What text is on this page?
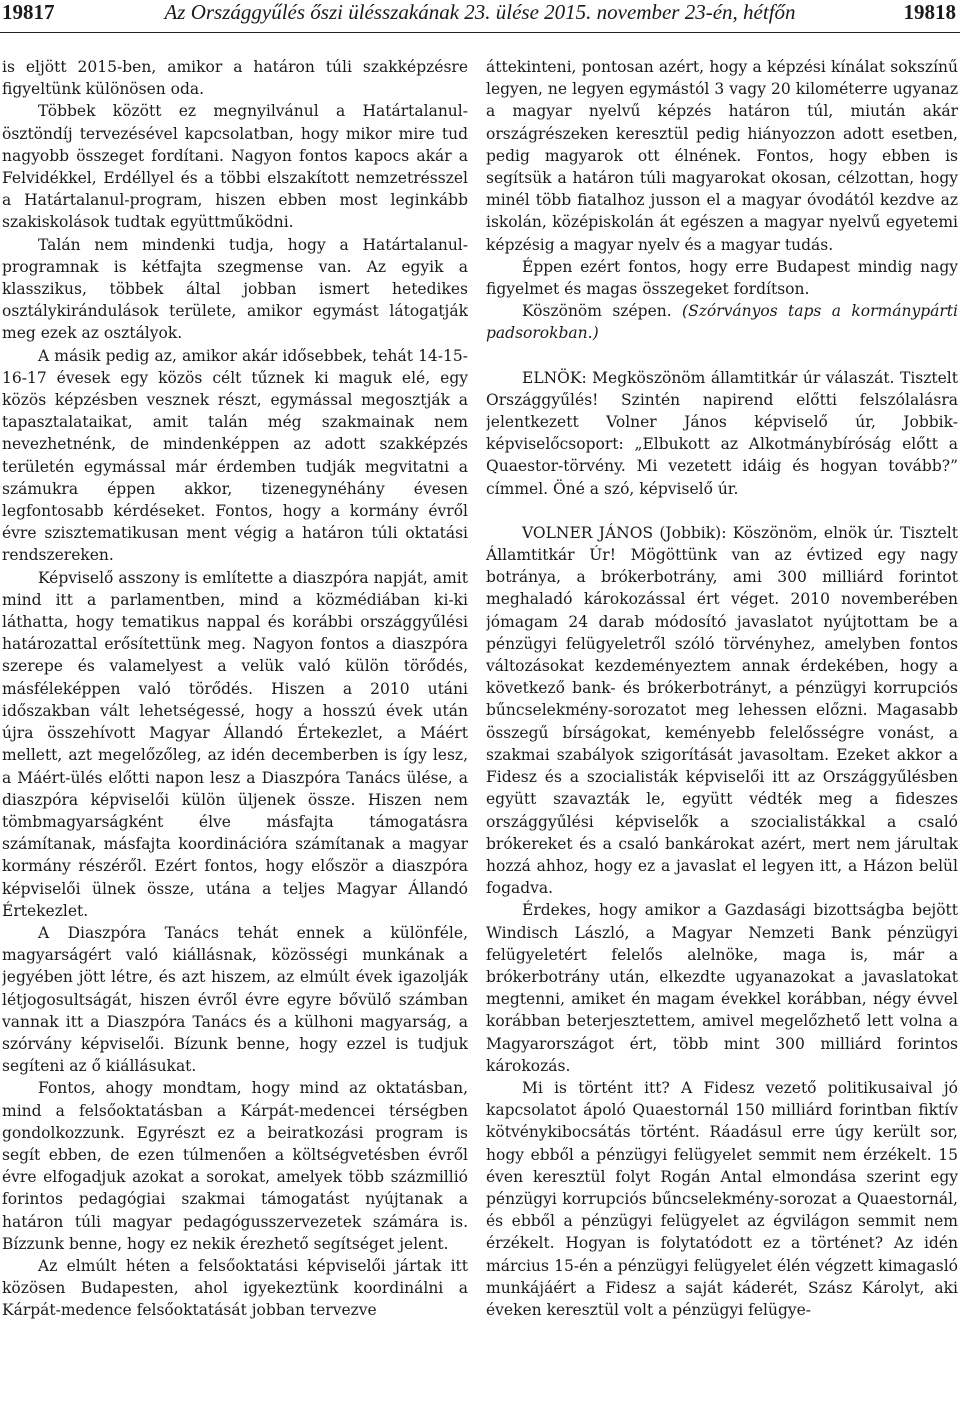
19817	Az Országgyűlés őszi ülésszakának 23. ülése 2015. november 23-én, hétfőn	19818

is eljött 2015-ben, amikor a határon túli szakképzésre figyeltünk különösen oda.

Többek között ez megnyilvánul a Határtalanul-ösztöndíj tervezésével kapcsolatban, hogy mikor mire tud nagyobb összeget fordítani. Nagyon fontos kapocs akár a Felvidékkel, Erdéllyel és a többi elszakított nemzetrésszel a Határtalanul-program, hiszen ebben most leginkább szakiskolások tudtak együttműködni.

Talán nem mindenki tudja, hogy a Határtalanul-programnak is kétfajta szegmense van. Az egyik a klasszikus, többek által jobban ismert hetedikes osztálykirándulások területe, amikor egymást látogatják meg ezek az osztályok.

A másik pedig az, amikor akár idősebbek, tehát 14-15-16-17 évesek egy közös célt tűznek ki maguk elé, egy közös képzésben vesznek részt, egymással megosztják a tapasztalataikat, amit talán még szakmainak nem nevezhetnénk, de mindenképpen az adott szakképzés területén egymással már érdemben tudják megvitatni a számukra éppen akkor, tizenegynéhány évesen legfontosabb kérdéseket. Fontos, hogy a kormány évről évre szisztematikusan ment végig a határon túli oktatási rendszereken.

Képviselő asszony is említette a diaszpóra napját, amit mind itt a parlamentben, mind a közmédiában ki-ki láthatta, hogy tematikus nappal és korábbi országgyűlési határozattal erősítettünk meg. Nagyon fontos a diaszpóra szerepe és valamelyest a velük való külön törődés, másféleképpen való törődés. Hiszen a 2010 utáni időszakban vált lehetségessé, hogy a hosszú évek után újra összehívott Magyar Állandó Értekezlet, a Máért mellett, azt megelőzőleg, az idén decemberben is így lesz, a Máért-ülés előtti napon lesz a Diaszpóra Tanács ülése, a diaszpóra képviselői külön üljenek össze. Hiszen nem tömbmagyarságként élve másfajta támogatásra számítanak, másfajta koordinációra számítanak a magyar kormány részéről. Ezért fontos, hogy először a diaszpóra képviselői ülnek össze, utána a teljes Magyar Állandó Értekezlet.

A Diaszpóra Tanács tehát ennek a különféle, magyarságért való kiállásnak, közösségi munkának a jegyében jött létre, és azt hiszem, az elmúlt évek igazolják létjogosultságát, hiszen évről évre egyre bővülő számban vannak itt a Diaszpóra Tanács és a külhoni magyarság, a szórvány képviselői. Bízunk benne, hogy ezzel is tudjuk segíteni az ő kiállásukat.

Fontos, ahogy mondtam, hogy mind az oktatásban, mind a felsőoktatásban a Kárpát-medencei térségben gondolkozzunk. Egyrészt ez a beiratkozási program is segít ebben, de ezen túlmenően a költségvetésben évről évre elfogadjuk azokat a sorokat, amelyek több százmillió forintos pedagógiai szakmai támogatást nyújtanak a határon túli magyar pedagógusszervezetek számára is. Bízzunk benne, hogy ez nekik érezhető segítséget jelent.

Az elmúlt héten a felsőoktatási képviselői jártak itt közösen Budapesten, ahol igyekeztünk koordinálni a Kárpát-medence felsőoktatását jobban tervezve

áttekinteni, pontosan azért, hogy a képzési kínálat sokszínű legyen, ne legyen egymástól 3 vagy 20 kilométerre ugyanaz a magyar nyelvű képzés határon túl, miután akár országrészeken keresztül pedig hiányozzon adott esetben, pedig magyarok ott élnének. Fontos, hogy ebben is segítsük a határon túli magyarokat okosan, célzottan, hogy minél több fiatalhoz jusson el a magyar óvodától kezdve az iskolán, középiskolán át egészen a magyar nyelvű egyetemi képzésig a magyar nyelv és a magyar tudás.

Éppen ezért fontos, hogy erre Budapest mindig nagy figyelmet és magas összegeket fordítson.

Köszönöm szépen. (Szórványos taps a kormánypárti padsorokban.)

ELNÖK: Megköszönöm államtitkár úr válaszát. Tisztelt Országgyűlés! Szintén napirend előtti felszólalásra jelentkezett Volner János képviselő úr, Jobbik-képviselőcsoport: „Elbukott az Alkotmánybíróság előtt a Quaestor-törvény. Mi vezetett idáig és hogyan tovább?” címmel. Öné a szó, képviselő úr.

VOLNER JÁNOS (Jobbik): Köszönöm, elnök úr. Tisztelt Államtitkár Úr! Mögöttünk van az évtized egy nagy botránya, a brókerbotrány, ami 300 milliárd forintot meghaladó károkozással ért véget. 2010 novemberében jómagam 24 darab módosító javaslatot nyújtottam be a pénzügyi felügyeletről szóló törvényhez, amelyben fontos változásokat kezdeményeztem annak érdekében, hogy a következő bank- és brókerbotrányt, a pénzügyi korrupciós bűncselekmény-sorozatot meg lehessen előzni. Magasabb összegű bírságokat, keményebb felelősségre vonást, a szakmai szabályok szigorítását javasoltam. Ezeket akkor a Fidesz és a szocialisták képviselői itt az Országgyűlésben együtt szavazták le, együtt védték meg a fideszes országgyűlési képviselők a szocialistákkal a csaló brókereket és a csaló bankárokat azért, mert nem járultak hozzá ahhoz, hogy ez a javaslat el legyen itt, a Házon belül fogadva.

Érdekes, hogy amikor a Gazdasági bizottságba bejött Windisch László, a Magyar Nemzeti Bank pénzügyi felügyeletért felelős alelnöke, maga is, már a brókerbotrány után, elkezdte ugyanazokat a javaslatokat megtenni, amiket én magam évekkel korábban, négy évvel korábban beterjesztettem, amivel megelőzhető lett volna a Magyarországot ért, több mint 300 milliárd forintos károkozás.

Mi is történt itt? A Fidesz vezető politikusaival jó kapcsolatot ápoló Quaestornál 150 milliárd forintban fiktív kötvénykibocsátás történt. Ráadásul erre úgy került sor, hogy ebből a pénzügyi felügyelet semmit nem érzékelt. 15 éven keresztül folyt Rogán Antal elmondása szerint egy pénzügyi korrupciós bűncselekmény-sorozat a Quaestornál, és ebből a pénzügyi felügyelet az égvilágon semmit nem érzékelt. Hogyan is folytatódott ez a történet? Az idén március 15-én a pénzügyi felügyelet élén végzett kimagasló munkájáért a Fidesz a saját káderét, Szász Károlyt, aki éveken keresztül volt a pénzügyi felügye-
